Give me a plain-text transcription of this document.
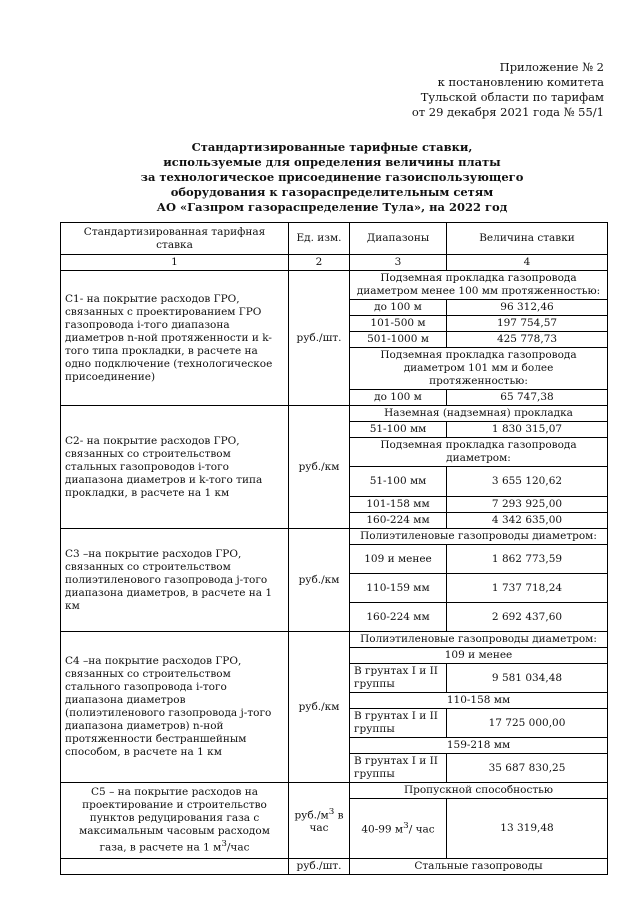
Приложение № 2
к постановлению комитета
Тульской области по тарифам
от 29 декабря 2021 года № 55/1
Стандартизированные тарифные ставки,
используемые для определения величины платы
за технологическое присоединение газоиспользующего
оборудования к газораспределительным сетям
АО «Газпром газораспределение Тула», на 2022 год
Стандартизированная тарифная ставка	Ед. изм.	Диапазоны	Величина ставки
1	2	3	4
С1- на покрытие расходов ГРО, связанных с проектированием ГРО газопровода i-того диапазона диаметров n-ной протяженности и k-того типа прокладки, в расчете на одно подключение (технологическое присоединение)	руб./шт.	Подземная прокладка газопровода диаметром менее 100 мм протяженностью:	
		до 100 м	96 312,46
		101-500 м	197 754,57
		501-1000 м	425 778,73
		Подземная прокладка газопровода диаметром 101 мм и более протяженностью:	
		до 100 м	65 747,38
С2- на покрытие расходов ГРО, связанных со строительством стальных газопроводов i-того диапазона диаметров и k-того типа прокладки, в расчете на 1 км	руб./км	Наземная (надземная) прокладка	
		51-100 мм	1 830 315,07
		Подземная прокладка газопровода диаметром:	
		51-100 мм	3 655 120,62
		101-158 мм	7 293 925,00
		160-224 мм	4 342 635,00
С3 –на покрытие расходов ГРО, связанных со строительством полиэтиленового газопровода j-того диапазона диаметров, в расчете на 1 км	руб./км	Полиэтиленовые газопроводы диаметром:	
		109 и менее	1 862 773,59
		110-159 мм	1 737 718,24
		160-224 мм	2 692 437,60
С4 –на покрытие расходов ГРО, связанных со строительством стального газопровода i-того диапазона диаметров (полиэтиленового газопровода j-того диапазона диаметров) n-ной протяженности бестраншейным способом, в расчете на 1 км	руб./км	Полиэтиленовые газопроводы диаметром:	
		109 и менее	
		В грунтах I и II группы	9 581 034,48
		110-158 мм	
		В грунтах I и II группы	17 725 000,00
		159-218 мм	
		В грунтах I и II группы	35 687 830,25
С5 – на покрытие расходов на проектирование и строительство пунктов редуцирования газа с максимальным часовым расходом газа, в расчете на 1 $м^3$/час	$руб./м^3$ в час	Пропускной способностью	
		40-99 $м^3/$ час	13 319,48
	руб./шт.	Стальные газопроводы	
